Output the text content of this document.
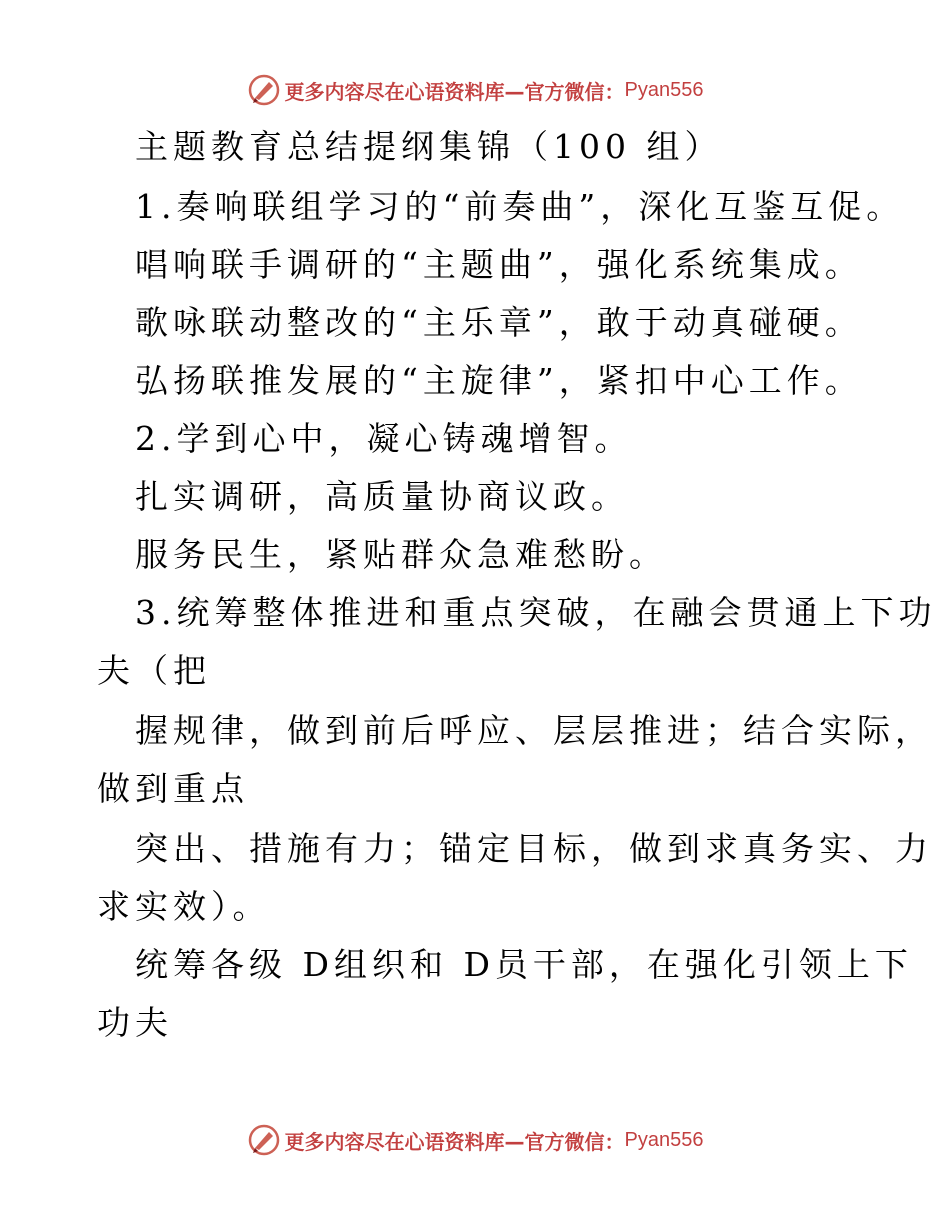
更多内容尽在心语资料库—官方微信： Pyan556
主题教育总结提纲集锦（100 组）
1.奏响联组学习的“前奏曲”，深化互鉴互促。
唱响联手调研的“主题曲”，强化系统集成。
歌咏联动整改的“主乐章”，敢于动真碰硬。
弘扬联推发展的“主旋律”，紧扣中心工作。
2.学到心中，凝心铸魂增智。
扎实调研，高质量协商议政。
服务民生，紧贴群众急难愁盼。
3.统筹整体推进和重点突破，在融会贯通上下功
夫（把
握规律，做到前后呼应、层层推进；结合实际，
做到重点
突出、措施有力；锚定目标，做到求真务实、力
求实效）。
统筹各级 D组织和 D员干部，在强化引领上下
功夫
更多内容尽在心语资料库—官方微信： Pyan556
